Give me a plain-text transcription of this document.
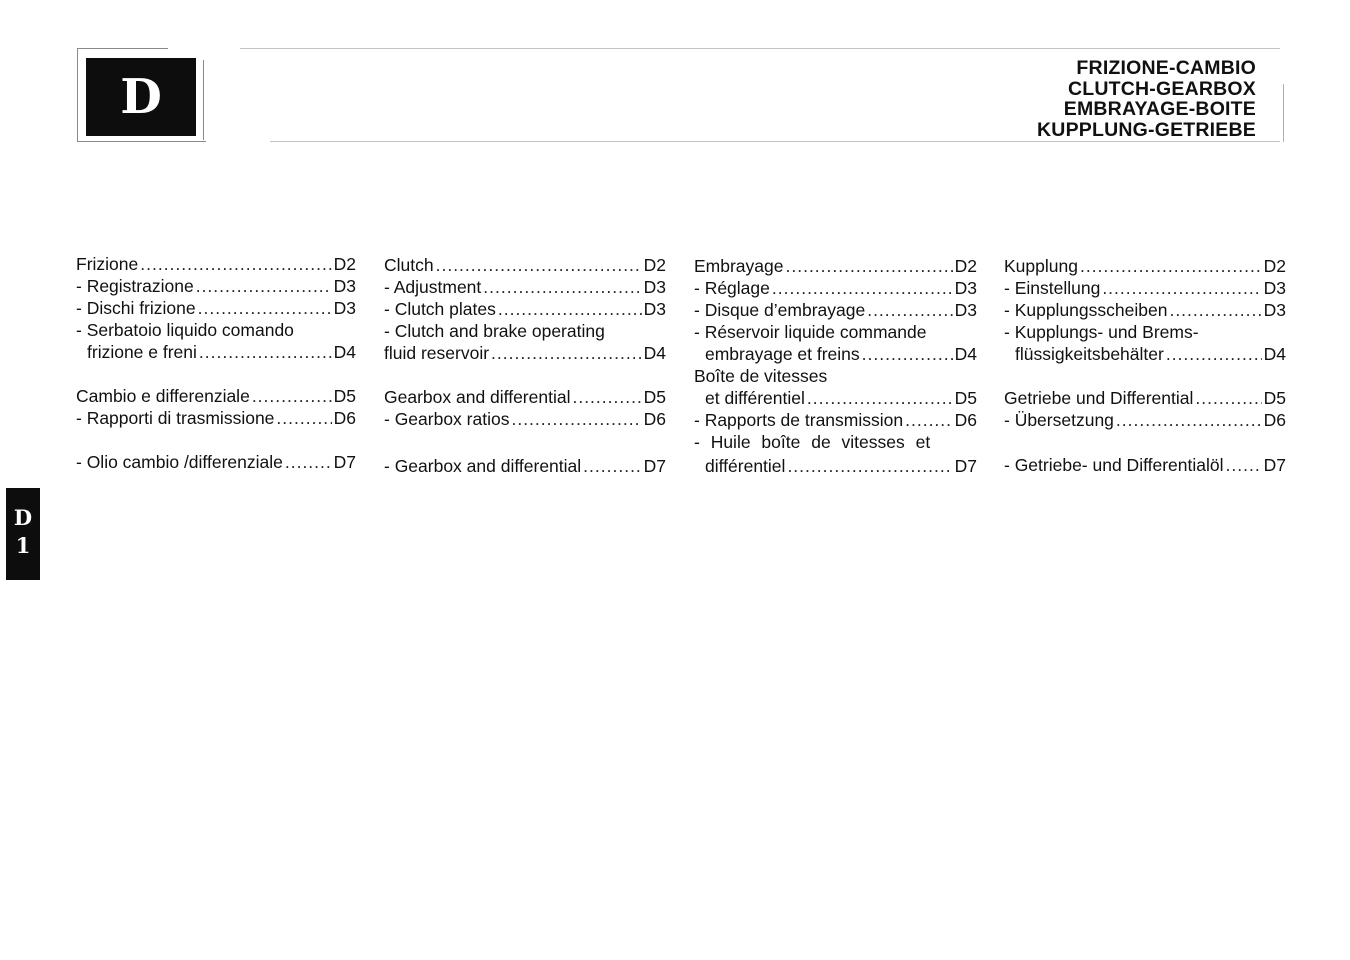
D
FRIZIONE-CAMBIO
CLUTCH-GEARBOX
EMBRAYAGE-BOITE
KUPPLUNG-GETRIEBE
D
1
Frizione .....	D2
- Registrazione .....	D3
- Dischi frizione .....	D3
- Serbatoio liquido comando
frizione e freni .....	D4
Cambio e differenziale .....	D5
- Rapporti di trasmissione .....	D6
- Olio cambio /differenziale .....	D7
Clutch .....	D2
- Adjustment .....	D3
- Clutch plates .....	D3
- Clutch and brake operating
fluid reservoir .....	D4
Gearbox and differential .....	D5
- Gearbox ratios .....	D6
- Gearbox and differential .....	D7
Embrayage .....	D2
- Réglage .....	D3
- Disque d’embrayage .....	D3
- Réservoir liquide commande
embrayage et freins .....	D4
Boîte de vitesses
et différentiel .....	D5
- Rapports de transmission .....	D6
- Huile boîte de vitesses et
différentiel .....	D7
Kupplung .....	D2
- Einstellung .....	D3
- Kupplungsscheiben .....	D3
- Kupplungs- und Brems-
flüssigkeitsbehälter .....	D4
Getriebe und Differential .....	D5
- Übersetzung .....	D6
- Getriebe- und Differentialöl ..... D7
